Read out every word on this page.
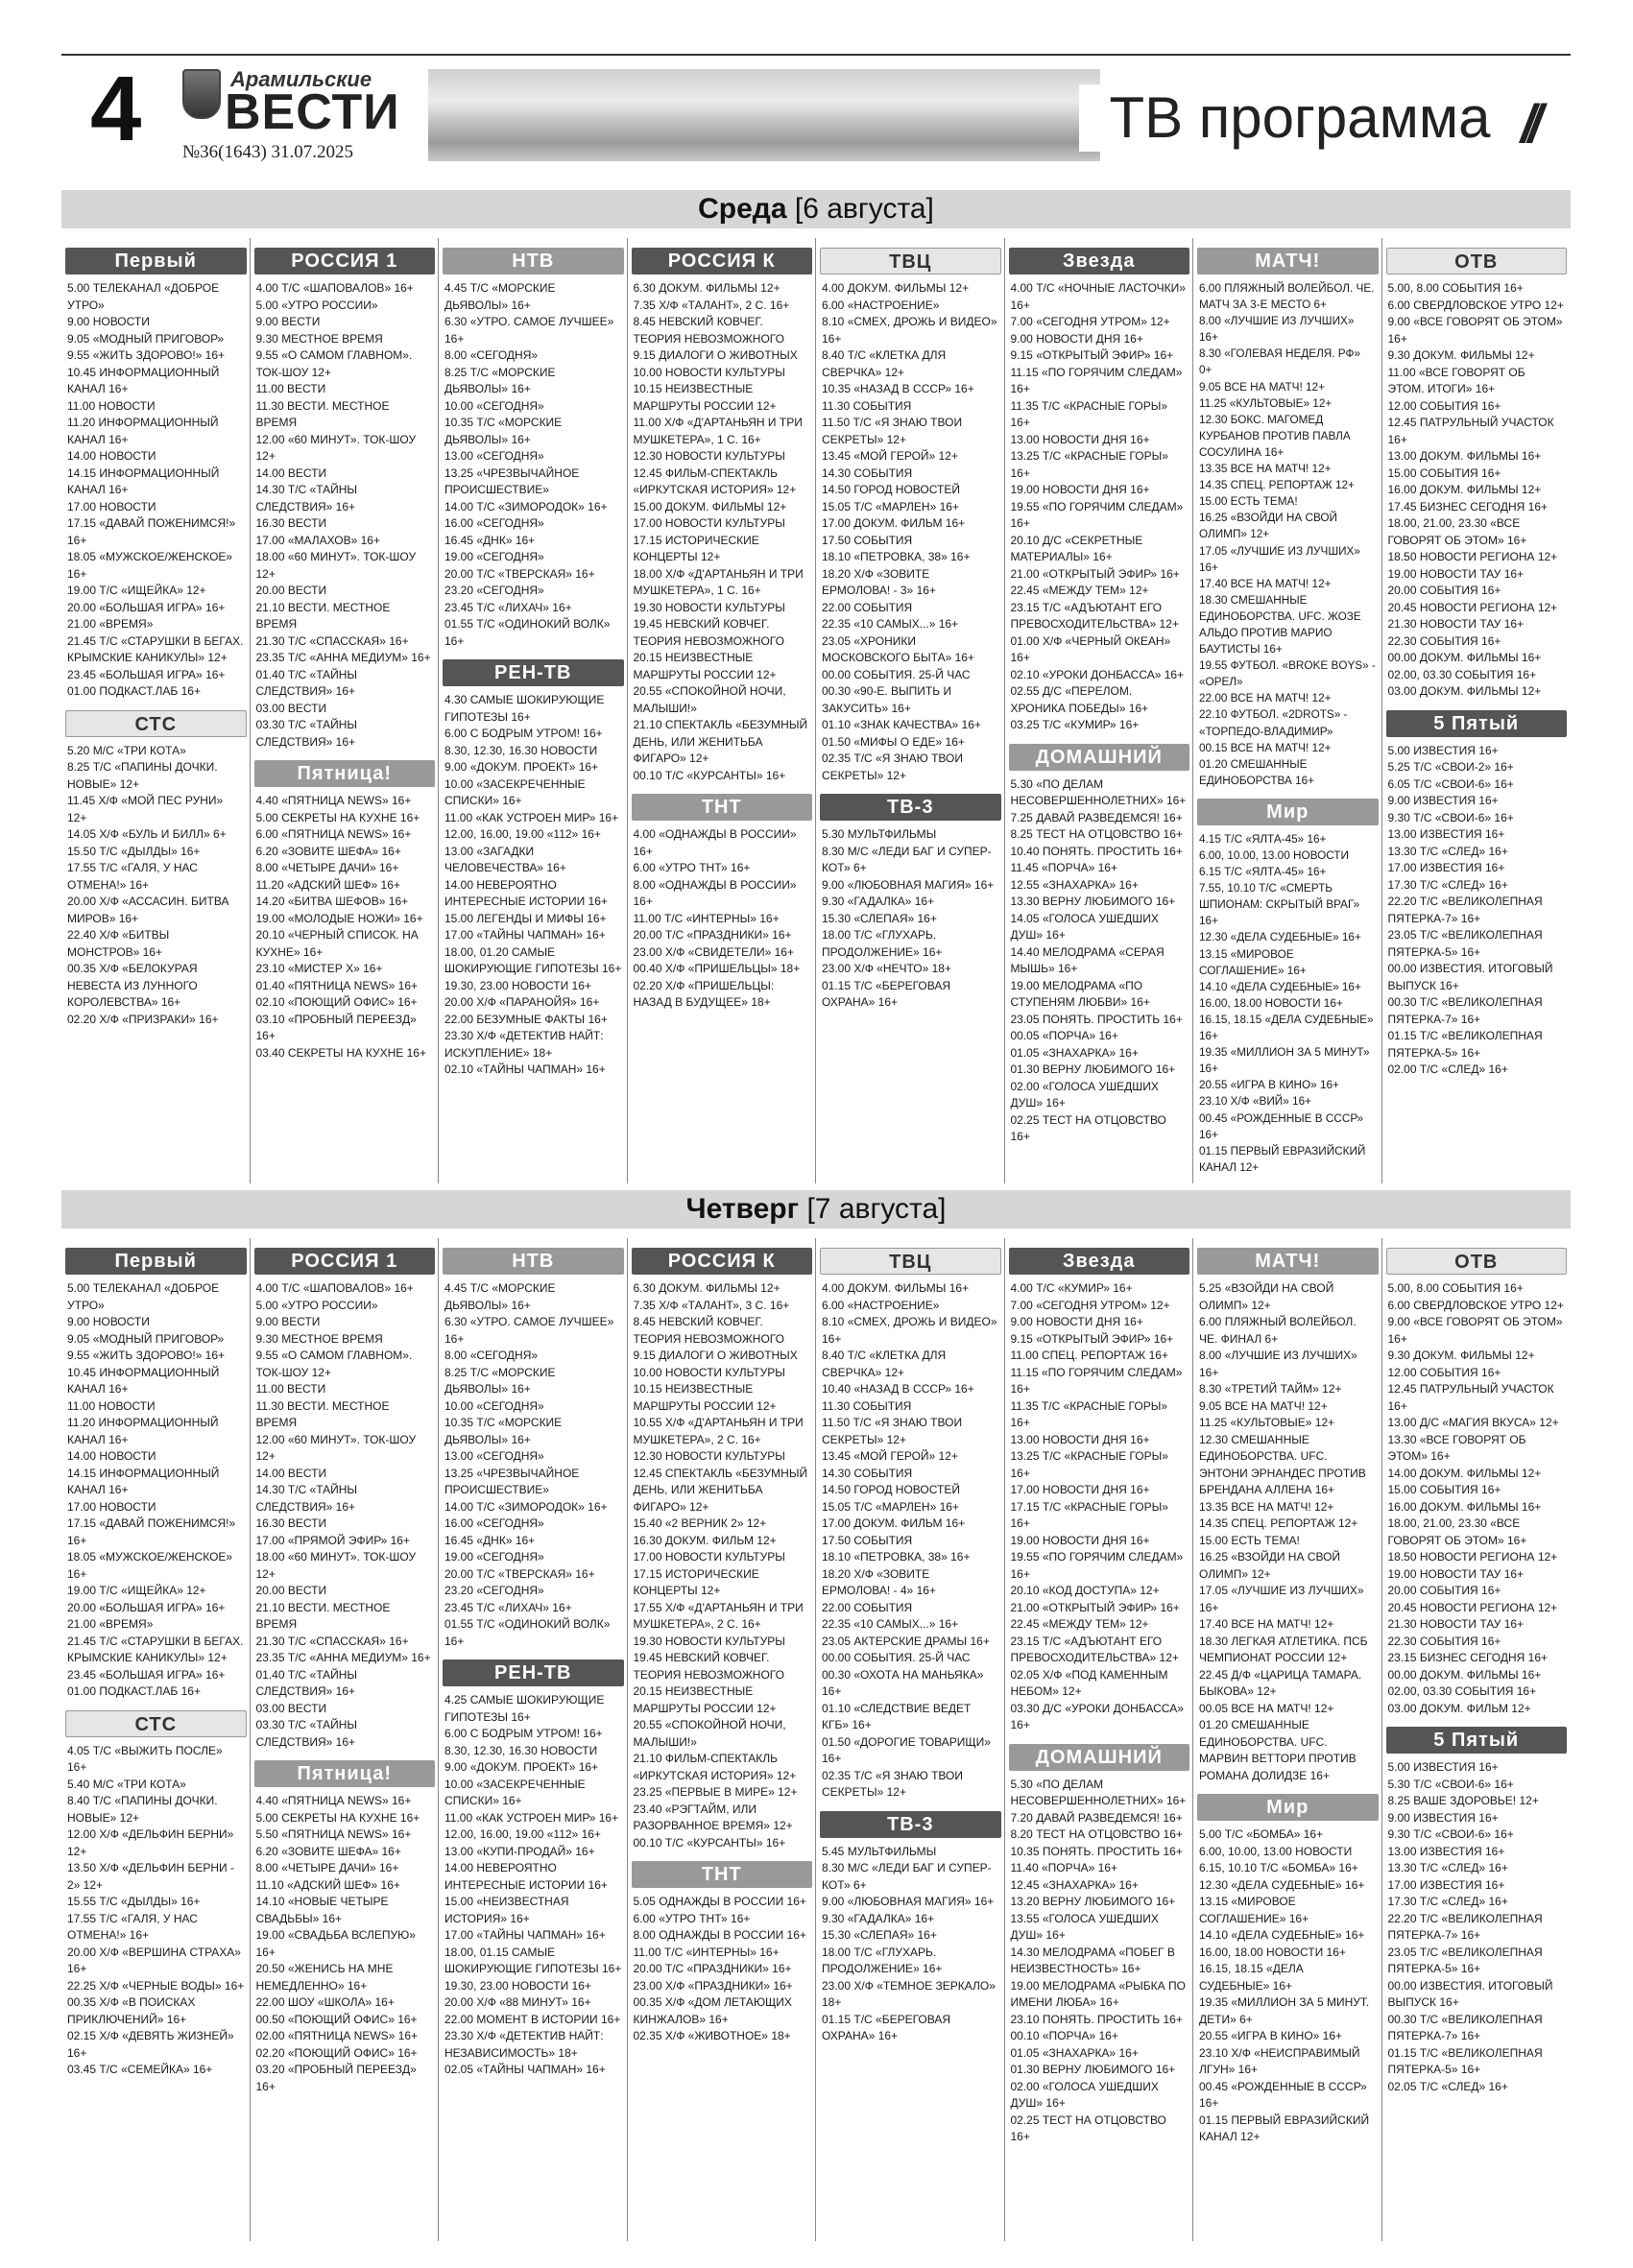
4	Арамильские
ВЕСТИ
№36(1643) 31.07.2025
ТВ программа //
Среда [6 августа]
Первый
5.00 ТЕЛЕКАНАЛ «ДОБРОЕ УТРО»
9.00 НОВОСТИ
9.05 «МОДНЫЙ ПРИГОВОР»
9.55 «ЖИТЬ ЗДОРОВО!» 16+
10.45 ИНФОРМАЦИОННЫЙ КАНАЛ 16+
11.00 НОВОСТИ
11.20 ИНФОРМАЦИОННЫЙ КАНАЛ 16+
14.00 НОВОСТИ
14.15 ИНФОРМАЦИОННЫЙ КАНАЛ 16+
17.00 НОВОСТИ
17.15 «ДАВАЙ ПОЖЕНИМСЯ!» 16+
18.05 «МУЖСКОЕ/ЖЕНСКОЕ» 16+
19.00 Т/С «ИЩЕЙКА» 12+
20.00 «БОЛЬШАЯ ИГРА» 16+
21.00 «ВРЕМЯ»
21.45 Т/С «СТАРУШКИ В БЕГАХ. КРЫМСКИЕ КАНИКУЛЫ» 12+
23.45 «БОЛЬШАЯ ИГРА» 16+
01.00 ПОДКАСТ.ЛАБ 16+
СТС
5.20 М/С «ТРИ КОТА»
8.25 Т/С «ПАПИНЫ ДОЧКИ. НОВЫЕ» 12+
11.45 Х/Ф «МОЙ ПЕС РУНИ» 12+
14.05 Х/Ф «БУЛЬ И БИЛЛ» 6+
15.50 Т/С «ДЫЛДЫ» 16+
17.55 Т/С «ГАЛЯ, У НАС ОТМЕНА!» 16+
20.00 Х/Ф «АССАСИН. БИТВА МИРОВ» 16+
22.40 Х/Ф «БИТВЫ МОНСТРОВ» 16+
00.35 Х/Ф «БЕЛОКУРАЯ НЕВЕСТА ИЗ ЛУННОГО КОРОЛЕВСТВА» 16+
02.20 Х/Ф «ПРИЗРАКИ» 16+
РОССИЯ 1
4.00 Т/С «ШАПОВАЛОВ» 16+
5.00 «УТРО РОССИИ»
9.00 ВЕСТИ
9.30 МЕСТНОЕ ВРЕМЯ
9.55 «О САМОМ ГЛАВНОМ». ТОК-ШОУ 12+
11.00 ВЕСТИ
11.30 ВЕСТИ. МЕСТНОЕ ВРЕМЯ
12.00 «60 МИНУТ». ТОК-ШОУ 12+
14.00 ВЕСТИ
14.30 Т/С «ТАЙНЫ СЛЕДСТВИЯ» 16+
16.30 ВЕСТИ
17.00 «МАЛАХОВ» 16+
18.00 «60 МИНУТ». ТОК-ШОУ 12+
20.00 ВЕСТИ
21.10 ВЕСТИ. МЕСТНОЕ ВРЕМЯ
21.30 Т/С «СПАССКАЯ» 16+
23.35 Т/С «АННА МЕДИУМ» 16+
01.40 Т/С «ТАЙНЫ СЛЕДСТВИЯ» 16+
03.00 ВЕСТИ
03.30 Т/С «ТАЙНЫ СЛЕДСТВИЯ» 16+
Пятница!
4.40 «ПЯТНИЦА NEWS» 16+
5.00 СЕКРЕТЫ НА КУХНЕ 16+
6.00 «ПЯТНИЦА NEWS» 16+
6.20 «ЗОВИТЕ ШЕФА» 16+
8.00 «ЧЕТЫРЕ ДАЧИ» 16+
11.20 «АДСКИЙ ШЕФ» 16+
14.20 «БИТВА ШЕФОВ» 16+
19.00 «МОЛОДЫЕ НОЖИ» 16+
20.10 «ЧЕРНЫЙ СПИСОК. НА КУХНЕ» 16+
23.10 «МИСТЕР Х» 16+
01.40 «ПЯТНИЦА NEWS» 16+
02.10 «ПОЮЩИЙ ОФИС» 16+
03.10 «ПРОБНЫЙ ПЕРЕЕЗД» 16+
03.40 СЕКРЕТЫ НА КУХНЕ 16+
НТВ
4.45 Т/С «МОРСКИЕ ДЬЯВОЛЫ» 16+
6.30 «УТРО. САМОЕ ЛУЧШЕЕ» 16+
8.00 «СЕГОДНЯ»
8.25 Т/С «МОРСКИЕ ДЬЯВОЛЫ» 16+
10.00 «СЕГОДНЯ»
10.35 Т/С «МОРСКИЕ ДЬЯВОЛЫ» 16+
13.00 «СЕГОДНЯ»
13.25 «ЧРЕЗВЫЧАЙНОЕ ПРОИСШЕСТВИЕ»
14.00 Т/С «ЗИМОРОДОК» 16+
16.00 «СЕГОДНЯ»
16.45 «ДНК» 16+
19.00 «СЕГОДНЯ»
20.00 Т/С «ТВЕРСКАЯ» 16+
23.20 «СЕГОДНЯ»
23.45 Т/С «ЛИХАЧ» 16+
01.55 Т/С «ОДИНОКИЙ ВОЛК» 16+
РЕН-ТВ
4.30 САМЫЕ ШОКИРУЮЩИЕ ГИПОТЕЗЫ 16+
6.00 С БОДРЫМ УТРОМ! 16+
8.30, 12.30, 16.30 НОВОСТИ
9.00 «ДОКУМ. ПРОЕКТ» 16+
10.00 «ЗАСЕКРЕЧЕННЫЕ СПИСКИ» 16+
11.00 «КАК УСТРОЕН МИР» 16+
12.00, 16.00, 19.00 «112» 16+
13.00 «ЗАГАДКИ ЧЕЛОВЕЧЕСТВА» 16+
14.00 НЕВЕРОЯТНО ИНТЕРЕСНЫЕ ИСТОРИИ 16+
15.00 ЛЕГЕНДЫ И МИФЫ 16+
17.00 «ТАЙНЫ ЧАПМАН» 16+
18.00, 01.20 САМЫЕ ШОКИРУЮЩИЕ ГИПОТЕЗЫ 16+
19.30, 23.00 НОВОСТИ 16+
20.00 Х/Ф «ПАРАНОЙЯ» 16+
22.00 БЕЗУМНЫЕ ФАКТЫ 16+
23.30 Х/Ф «ДЕТЕКТИВ НАЙТ: ИСКУПЛЕНИЕ» 18+
02.10 «ТАЙНЫ ЧАПМАН» 16+
РОССИЯ К
6.30 ДОКУМ. ФИЛЬМЫ 12+
7.35 Х/Ф «ТАЛАНТ», 2 С. 16+
8.45 НЕВСКИЙ КОВЧЕГ. ТЕОРИЯ НЕВОЗМОЖНОГО
9.15 ДИАЛОГИ О ЖИВОТНЫХ
10.00 НОВОСТИ КУЛЬТУРЫ
10.15 НЕИЗВЕСТНЫЕ МАРШРУТЫ РОССИИ 12+
11.00 Х/Ф «Д'АРТАНЬЯН И ТРИ МУШКЕТЕРА», 1 С. 16+
12.30 НОВОСТИ КУЛЬТУРЫ
12.45 ФИЛЬМ-СПЕКТАКЛЬ «ИРКУТСКАЯ ИСТОРИЯ» 12+
15.00 ДОКУМ. ФИЛЬМЫ 12+
17.00 НОВОСТИ КУЛЬТУРЫ
17.15 ИСТОРИЧЕСКИЕ КОНЦЕРТЫ 12+
18.00 Х/Ф «Д'АРТАНЬЯН И ТРИ МУШКЕТЕРА», 1 С. 16+
19.30 НОВОСТИ КУЛЬТУРЫ
19.45 НЕВСКИЙ КОВЧЕГ. ТЕОРИЯ НЕВОЗМОЖНОГО
20.15 НЕИЗВЕСТНЫЕ МАРШРУТЫ РОССИИ 12+
20.55 «СПОКОЙНОЙ НОЧИ, МАЛЫШИ!»
21.10 СПЕКТАКЛЬ «БЕЗУМНЫЙ ДЕНЬ, ИЛИ ЖЕНИТЬБА ФИГАРО» 12+
00.10 Т/С «КУРСАНТЫ» 16+
ТНТ
4.00 «ОДНАЖДЫ В РОССИИ» 16+
6.00 «УТРО ТНТ» 16+
8.00 «ОДНАЖДЫ В РОССИИ» 16+
11.00 Т/С «ИНТЕРНЫ» 16+
20.00 Т/С «ПРАЗДНИКИ» 16+
23.00 Х/Ф «СВИДЕТЕЛИ» 16+
00.40 Х/Ф «ПРИШЕЛЬЦЫ» 18+
02.20 Х/Ф «ПРИШЕЛЬЦЫ: НАЗАД В БУДУЩЕЕ» 18+
ТВЦ
4.00 ДОКУМ. ФИЛЬМЫ 12+
6.00 «НАСТРОЕНИЕ»
8.10 «СМЕХ, ДРОЖЬ И ВИДЕО» 16+
8.40 Т/С «КЛЕТКА ДЛЯ СВЕРЧКА» 12+
10.35 «НАЗАД В СССР» 16+
11.30 СОБЫТИЯ
11.50 Т/С «Я ЗНАЮ ТВОИ СЕКРЕТЫ» 12+
13.45 «МОЙ ГЕРОЙ» 12+
14.30 СОБЫТИЯ
14.50 ГОРОД НОВОСТЕЙ
15.05 Т/С «МАРЛЕН» 16+
17.00 ДОКУМ. ФИЛЬМ 16+
17.50 СОБЫТИЯ
18.10 «ПЕТРОВКА, 38» 16+
18.20 Х/Ф «ЗОВИТЕ ЕРМОЛОВА! - 3» 16+
22.00 СОБЫТИЯ
22.35 «10 САМЫХ...» 16+
23.05 «ХРОНИКИ МОСКОВСКОГО БЫТА» 16+
00.00 СОБЫТИЯ. 25-Й ЧАС
00.30 «90-Е. ВЫПИТЬ И ЗАКУСИТЬ» 16+
01.10 «ЗНАК КАЧЕСТВА» 16+
01.50 «МИФЫ О ЕДЕ» 16+
02.35 Т/С «Я ЗНАЮ ТВОИ СЕКРЕТЫ» 12+
ТВ-3
5.30 МУЛЬТФИЛЬМЫ
8.30 М/С «ЛЕДИ БАГ И СУПЕР-КОТ» 6+
9.00 «ЛЮБОВНАЯ МАГИЯ» 16+
9.30 «ГАДАЛКА» 16+
15.30 «СЛЕПАЯ» 16+
18.00 Т/С «ГЛУХАРЬ. ПРОДОЛЖЕНИЕ» 16+
23.00 Х/Ф «НЕЧТО» 18+
01.15 Т/С «БЕРЕГОВАЯ ОХРАНА» 16+
Звезда
4.00 Т/С «НОЧНЫЕ ЛАСТОЧКИ» 16+
7.00 «СЕГОДНЯ УТРОМ» 12+
9.00 НОВОСТИ ДНЯ 16+
9.15 «ОТКРЫТЫЙ ЭФИР» 16+
11.15 «ПО ГОРЯЧИМ СЛЕДАМ» 16+
11.35 Т/С «КРАСНЫЕ ГОРЫ» 16+
13.00 НОВОСТИ ДНЯ 16+
13.25 Т/С «КРАСНЫЕ ГОРЫ» 16+
19.00 НОВОСТИ ДНЯ 16+
19.55 «ПО ГОРЯЧИМ СЛЕДАМ» 16+
20.10 Д/С «СЕКРЕТНЫЕ МАТЕРИАЛЫ» 16+
21.00 «ОТКРЫТЫЙ ЭФИР» 16+
22.45 «МЕЖДУ ТЕМ» 12+
23.15 Т/С «АДЪЮТАНТ ЕГО ПРЕВОСХОДИТЕЛЬСТВА» 12+
01.00 Х/Ф «ЧЕРНЫЙ ОКЕАН» 16+
02.10 «УРОКИ ДОНБАССА» 16+
02.55 Д/С «ПЕРЕЛОМ. ХРОНИКА ПОБЕДЫ» 16+
03.25 Т/С «КУМИР» 16+
ДОМАШНИЙ
5.30 «ПО ДЕЛАМ НЕСОВЕРШЕННОЛЕТНИХ» 16+
7.25 ДАВАЙ РАЗВЕДЕМСЯ! 16+
8.25 ТЕСТ НА ОТЦОВСТВО 16+
10.40 ПОНЯТЬ. ПРОСТИТЬ 16+
11.45 «ПОРЧА» 16+
12.55 «ЗНАХАРКА» 16+
13.30 ВЕРНУ ЛЮБИМОГО 16+
14.05 «ГОЛОСА УШЕДШИХ ДУШ» 16+
14.40 МЕЛОДРАМА «СЕРАЯ МЫШЬ» 16+
19.00 МЕЛОДРАМА «ПО СТУПЕНЯМ ЛЮБВИ» 16+
23.05 ПОНЯТЬ. ПРОСТИТЬ 16+
00.05 «ПОРЧА» 16+
01.05 «ЗНАХАРКА» 16+
01.30 ВЕРНУ ЛЮБИМОГО 16+
02.00 «ГОЛОСА УШЕДШИХ ДУШ» 16+
02.25 ТЕСТ НА ОТЦОВСТВО 16+
МАТЧ!
6.00 ПЛЯЖНЫЙ ВОЛЕЙБОЛ. ЧЕ. МАТЧ ЗА 3-Е МЕСТО 6+
8.00 «ЛУЧШИЕ ИЗ ЛУЧШИХ» 16+
8.30 «ГОЛЕВАЯ НЕДЕЛЯ. РФ» 0+
9.05 ВСЕ НА МАТЧ! 12+
11.25 «КУЛЬТОВЫЕ» 12+
12.30 БОКС. МАГОМЕД КУРБАНОВ ПРОТИВ ПАВЛА СОСУЛИНА 16+
13.35 ВСЕ НА МАТЧ! 12+
14.35 СПЕЦ. РЕПОРТАЖ 12+
15.00 ЕСТЬ ТЕМА!
16.25 «ВЗОЙДИ НА СВОЙ ОЛИМП» 12+
17.05 «ЛУЧШИЕ ИЗ ЛУЧШИХ» 16+
17.40 ВСЕ НА МАТЧ! 12+
18.30 СМЕШАННЫЕ ЕДИНОБОРСТВА. UFC. ЖОЗЕ АЛЬДО ПРОТИВ МАРИО БАУТИСТЫ 16+
19.55 ФУТБОЛ. «BROKE BOYS» - «ОРЕЛ»
22.00 ВСЕ НА МАТЧ! 12+
22.10 ФУТБОЛ. «2DROTS» - «ТОРПЕДО-ВЛАДИМИР»
00.15 ВСЕ НА МАТЧ! 12+
01.20 СМЕШАННЫЕ ЕДИНОБОРСТВА 16+
Мир
4.15 Т/С «ЯЛТА-45» 16+
6.00, 10.00, 13.00 НОВОСТИ
6.15 Т/С «ЯЛТА-45» 16+
7.55, 10.10 Т/С «СМЕРТЬ ШПИОНАМ: СКРЫТЫЙ ВРАГ» 16+
12.30 «ДЕЛА СУДЕБНЫЕ» 16+
13.15 «МИРОВОЕ СОГЛАШЕНИЕ» 16+
14.10 «ДЕЛА СУДЕБНЫЕ» 16+
16.00, 18.00 НОВОСТИ 16+
16.15, 18.15 «ДЕЛА СУДЕБНЫЕ» 16+
19.35 «МИЛЛИОН ЗА 5 МИНУТ» 16+
20.55 «ИГРА В КИНО» 16+
23.10 Х/Ф «ВИЙ» 16+
00.45 «РОЖДЕННЫЕ В СССР» 16+
01.15 ПЕРВЫЙ ЕВРАЗИЙСКИЙ КАНАЛ 12+
ОТВ
5.00, 8.00 СОБЫТИЯ 16+
6.00 СВЕРДЛОВСКОЕ УТРО 12+
9.00 «ВСЕ ГОВОРЯТ ОБ ЭТОМ» 16+
9.30 ДОКУМ. ФИЛЬМЫ 12+
11.00 «ВСЕ ГОВОРЯТ ОБ ЭТОМ. ИТОГИ» 16+
12.00 СОБЫТИЯ 16+
12.45 ПАТРУЛЬНЫЙ УЧАСТОК 16+
13.00 ДОКУМ. ФИЛЬМЫ 16+
15.00 СОБЫТИЯ 16+
16.00 ДОКУМ. ФИЛЬМЫ 12+
17.45 БИЗНЕС СЕГОДНЯ 16+
18.00, 21.00, 23.30 «ВСЕ ГОВОРЯТ ОБ ЭТОМ» 16+
18.50 НОВОСТИ РЕГИОНА 12+
19.00 НОВОСТИ ТАУ 16+
20.00 СОБЫТИЯ 16+
20.45 НОВОСТИ РЕГИОНА 12+
21.30 НОВОСТИ ТАУ 16+
22.30 СОБЫТИЯ 16+
00.00 ДОКУМ. ФИЛЬМЫ 16+
02.00, 03.30 СОБЫТИЯ 16+
03.00 ДОКУМ. ФИЛЬМЫ 12+
5 Пятый
5.00 ИЗВЕСТИЯ 16+
5.25 Т/С «СВОИ-2» 16+
6.05 Т/С «СВОИ-6» 16+
9.00 ИЗВЕСТИЯ 16+
9.30 Т/С «СВОИ-6» 16+
13.00 ИЗВЕСТИЯ 16+
13.30 Т/С «СЛЕД» 16+
17.00 ИЗВЕСТИЯ 16+
17.30 Т/С «СЛЕД» 16+
22.20 Т/С «ВЕЛИКОЛЕПНАЯ ПЯТЕРКА-7» 16+
23.05 Т/С «ВЕЛИКОЛЕПНАЯ ПЯТЕРКА-5» 16+
00.00 ИЗВЕСТИЯ. ИТОГОВЫЙ ВЫПУСК 16+
00.30 Т/С «ВЕЛИКОЛЕПНАЯ ПЯТЕРКА-7» 16+
01.15 Т/С «ВЕЛИКОЛЕПНАЯ ПЯТЕРКА-5» 16+
02.00 Т/С «СЛЕД» 16+
Четверг [7 августа]
Первый
5.00 ТЕЛЕКАНАЛ «ДОБРОЕ УТРО»
9.00 НОВОСТИ
9.05 «МОДНЫЙ ПРИГОВОР»
9.55 «ЖИТЬ ЗДОРОВО!» 16+
10.45 ИНФОРМАЦИОННЫЙ КАНАЛ 16+
11.00 НОВОСТИ
11.20 ИНФОРМАЦИОННЫЙ КАНАЛ 16+
14.00 НОВОСТИ
14.15 ИНФОРМАЦИОННЫЙ КАНАЛ 16+
17.00 НОВОСТИ
17.15 «ДАВАЙ ПОЖЕНИМСЯ!» 16+
18.05 «МУЖСКОЕ/ЖЕНСКОЕ» 16+
19.00 Т/С «ИЩЕЙКА» 12+
20.00 «БОЛЬШАЯ ИГРА» 16+
21.00 «ВРЕМЯ»
21.45 Т/С «СТАРУШКИ В БЕГАХ. КРЫМСКИЕ КАНИКУЛЫ» 12+
23.45 «БОЛЬШАЯ ИГРА» 16+
01.00 ПОДКАСТ.ЛАБ 16+
СТС
4.05 Т/С «ВЫЖИТЬ ПОСЛЕ» 16+
5.40 М/С «ТРИ КОТА»
8.40 Т/С «ПАПИНЫ ДОЧКИ. НОВЫЕ» 12+
12.00 Х/Ф «ДЕЛЬФИН БЕРНИ» 12+
13.50 Х/Ф «ДЕЛЬФИН БЕРНИ - 2» 12+
15.55 Т/С «ДЫЛДЫ» 16+
17.55 Т/С «ГАЛЯ, У НАС ОТМЕНА!» 16+
20.00 Х/Ф «ВЕРШИНА СТРАХА» 16+
22.25 Х/Ф «ЧЕРНЫЕ ВОДЫ» 16+
00.35 Х/Ф «В ПОИСКАХ ПРИКЛЮЧЕНИЙ» 16+
02.15 Х/Ф «ДЕВЯТЬ ЖИЗНЕЙ» 16+
03.45 Т/С «СЕМЕЙКА» 16+
РОССИЯ 1
4.00 Т/С «ШАПОВАЛОВ» 16+
5.00 «УТРО РОССИИ»
9.00 ВЕСТИ
9.30 МЕСТНОЕ ВРЕМЯ
9.55 «О САМОМ ГЛАВНОМ». ТОК-ШОУ 12+
11.00 ВЕСТИ
11.30 ВЕСТИ. МЕСТНОЕ ВРЕМЯ
12.00 «60 МИНУТ». ТОК-ШОУ 12+
14.00 ВЕСТИ
14.30 Т/С «ТАЙНЫ СЛЕДСТВИЯ» 16+
16.30 ВЕСТИ
17.00 «ПРЯМОЙ ЭФИР» 16+
18.00 «60 МИНУТ». ТОК-ШОУ 12+
20.00 ВЕСТИ
21.10 ВЕСТИ. МЕСТНОЕ ВРЕМЯ
21.30 Т/С «СПАССКАЯ» 16+
23.35 Т/С «АННА МЕДИУМ» 16+
01.40 Т/С «ТАЙНЫ СЛЕДСТВИЯ» 16+
03.00 ВЕСТИ
03.30 Т/С «ТАЙНЫ СЛЕДСТВИЯ» 16+
Пятница!
4.40 «ПЯТНИЦА NEWS» 16+
5.00 СЕКРЕТЫ НА КУХНЕ 16+
5.50 «ПЯТНИЦА NEWS» 16+
6.20 «ЗОВИТЕ ШЕФА» 16+
8.00 «ЧЕТЫРЕ ДАЧИ» 16+
11.10 «АДСКИЙ ШЕФ» 16+
14.10 «НОВЫЕ ЧЕТЫРЕ СВАДЬБЫ» 16+
19.00 «СВАДЬБА ВСЛЕПУЮ» 16+
20.50 «ЖЕНИСЬ НА МНЕ НЕМЕДЛЕННО» 16+
22.00 ШОУ «ШКОЛА» 16+
00.50 «ПОЮЩИЙ ОФИС» 16+
02.00 «ПЯТНИЦА NEWS» 16+
02.20 «ПОЮЩИЙ ОФИС» 16+
03.20 «ПРОБНЫЙ ПЕРЕЕЗД» 16+
НТВ
4.45 Т/С «МОРСКИЕ ДЬЯВОЛЫ» 16+
6.30 «УТРО. САМОЕ ЛУЧШЕЕ» 16+
8.00 «СЕГОДНЯ»
8.25 Т/С «МОРСКИЕ ДЬЯВОЛЫ» 16+
10.00 «СЕГОДНЯ»
10.35 Т/С «МОРСКИЕ ДЬЯВОЛЫ» 16+
13.00 «СЕГОДНЯ»
13.25 «ЧРЕЗВЫЧАЙНОЕ ПРОИСШЕСТВИЕ»
14.00 Т/С «ЗИМОРОДОК» 16+
16.00 «СЕГОДНЯ»
16.45 «ДНК» 16+
19.00 «СЕГОДНЯ»
20.00 Т/С «ТВЕРСКАЯ» 16+
23.20 «СЕГОДНЯ»
23.45 Т/С «ЛИХАЧ» 16+
01.55 Т/С «ОДИНОКИЙ ВОЛК» 16+
РЕН-ТВ
4.25 САМЫЕ ШОКИРУЮЩИЕ ГИПОТЕЗЫ 16+
6.00 С БОДРЫМ УТРОМ! 16+
8.30, 12.30, 16.30 НОВОСТИ
9.00 «ДОКУМ. ПРОЕКТ» 16+
10.00 «ЗАСЕКРЕЧЕННЫЕ СПИСКИ» 16+
11.00 «КАК УСТРОЕН МИР» 16+
12.00, 16.00, 19.00 «112» 16+
13.00 «КУПИ-ПРОДАЙ» 16+
14.00 НЕВЕРОЯТНО ИНТЕРЕСНЫЕ ИСТОРИИ 16+
15.00 «НЕИЗВЕСТНАЯ ИСТОРИЯ» 16+
17.00 «ТАЙНЫ ЧАПМАН» 16+
18.00, 01.15 САМЫЕ ШОКИРУЮЩИЕ ГИПОТЕЗЫ 16+
19.30, 23.00 НОВОСТИ 16+
20.00 Х/Ф «88 МИНУТ» 16+
22.00 МОМЕНТ В ИСТОРИИ 16+
23.30 Х/Ф «ДЕТЕКТИВ НАЙТ: НЕЗАВИСИМОСТЬ» 18+
02.05 «ТАЙНЫ ЧАПМАН» 16+
РОССИЯ К
6.30 ДОКУМ. ФИЛЬМЫ 12+
7.35 Х/Ф «ТАЛАНТ», 3 С. 16+
8.45 НЕВСКИЙ КОВЧЕГ. ТЕОРИЯ НЕВОЗМОЖНОГО
9.15 ДИАЛОГИ О ЖИВОТНЫХ
10.00 НОВОСТИ КУЛЬТУРЫ
10.15 НЕИЗВЕСТНЫЕ МАРШРУТЫ РОССИИ 12+
10.55 Х/Ф «Д'АРТАНЬЯН И ТРИ МУШКЕТЕРА», 2 С. 16+
12.30 НОВОСТИ КУЛЬТУРЫ
12.45 СПЕКТАКЛЬ «БЕЗУМНЫЙ ДЕНЬ, ИЛИ ЖЕНИТЬБА ФИГАРО» 12+
15.40 «2 ВЕРНИК 2» 12+
16.30 ДОКУМ. ФИЛЬМ 12+
17.00 НОВОСТИ КУЛЬТУРЫ
17.15 ИСТОРИЧЕСКИЕ КОНЦЕРТЫ 12+
17.55 Х/Ф «Д'АРТАНЬЯН И ТРИ МУШКЕТЕРА», 2 С. 16+
19.30 НОВОСТИ КУЛЬТУРЫ
19.45 НЕВСКИЙ КОВЧЕГ. ТЕОРИЯ НЕВОЗМОЖНОГО
20.15 НЕИЗВЕСТНЫЕ МАРШРУТЫ РОССИИ 12+
20.55 «СПОКОЙНОЙ НОЧИ, МАЛЫШИ!»
21.10 ФИЛЬМ-СПЕКТАКЛЬ «ИРКУТСКАЯ ИСТОРИЯ» 12+
23.25 «ПЕРВЫЕ В МИРЕ» 12+
23.40 «РЭГТАЙМ, ИЛИ РАЗОРВАННОЕ ВРЕМЯ» 12+
00.10 Т/С «КУРСАНТЫ» 16+
ТНТ
5.05 ОДНАЖДЫ В РОССИИ 16+
6.00 «УТРО ТНТ» 16+
8.00 ОДНАЖДЫ В РОССИИ 16+
11.00 Т/С «ИНТЕРНЫ» 16+
20.00 Т/С «ПРАЗДНИКИ» 16+
23.00 Х/Ф «ПРАЗДНИКИ» 16+
00.35 Х/Ф «ДОМ ЛЕТАЮЩИХ КИНЖАЛОВ» 16+
02.35 Х/Ф «ЖИВОТНОЕ» 18+
ТВЦ
4.00 ДОКУМ. ФИЛЬМЫ 16+
6.00 «НАСТРОЕНИЕ»
8.10 «СМЕХ, ДРОЖЬ И ВИДЕО» 16+
8.40 Т/С «КЛЕТКА ДЛЯ СВЕРЧКА» 12+
10.40 «НАЗАД В СССР» 16+
11.30 СОБЫТИЯ
11.50 Т/С «Я ЗНАЮ ТВОИ СЕКРЕТЫ» 12+
13.45 «МОЙ ГЕРОЙ» 12+
14.30 СОБЫТИЯ
14.50 ГОРОД НОВОСТЕЙ
15.05 Т/С «МАРЛЕН» 16+
17.00 ДОКУМ. ФИЛЬМ 16+
17.50 СОБЫТИЯ
18.10 «ПЕТРОВКА, 38» 16+
18.20 Х/Ф «ЗОВИТЕ ЕРМОЛОВА! - 4» 16+
22.00 СОБЫТИЯ
22.35 «10 САМЫХ...» 16+
23.05 АКТЕРСКИЕ ДРАМЫ 16+
00.00 СОБЫТИЯ. 25-Й ЧАС
00.30 «ОХОТА НА МАНЬЯКА» 16+
01.10 «СЛЕДСТВИЕ ВЕДЕТ КГБ» 16+
01.50 «ДОРОГИЕ ТОВАРИЩИ» 16+
02.35 Т/С «Я ЗНАЮ ТВОИ СЕКРЕТЫ» 12+
ТВ-3
5.45 МУЛЬТФИЛЬМЫ
8.30 М/С «ЛЕДИ БАГ И СУПЕР-КОТ» 6+
9.00 «ЛЮБОВНАЯ МАГИЯ» 16+
9.30 «ГАДАЛКА» 16+
15.30 «СЛЕПАЯ» 16+
18.00 Т/С «ГЛУХАРЬ. ПРОДОЛЖЕНИЕ» 16+
23.00 Х/Ф «ТЕМНОЕ ЗЕРКАЛО» 18+
01.15 Т/С «БЕРЕГОВАЯ ОХРАНА» 16+
Звезда
4.00 Т/С «КУМИР» 16+
7.00 «СЕГОДНЯ УТРОМ» 12+
9.00 НОВОСТИ ДНЯ 16+
9.15 «ОТКРЫТЫЙ ЭФИР» 16+
11.00 СПЕЦ. РЕПОРТАЖ 16+
11.15 «ПО ГОРЯЧИМ СЛЕДАМ» 16+
11.35 Т/С «КРАСНЫЕ ГОРЫ» 16+
13.00 НОВОСТИ ДНЯ 16+
13.25 Т/С «КРАСНЫЕ ГОРЫ» 16+
17.00 НОВОСТИ ДНЯ 16+
17.15 Т/С «КРАСНЫЕ ГОРЫ» 16+
19.00 НОВОСТИ ДНЯ 16+
19.55 «ПО ГОРЯЧИМ СЛЕДАМ» 16+
20.10 «КОД ДОСТУПА» 12+
21.00 «ОТКРЫТЫЙ ЭФИР» 16+
22.45 «МЕЖДУ ТЕМ» 12+
23.15 Т/С «АДЪЮТАНТ ЕГО ПРЕВОСХОДИТЕЛЬСТВА» 12+
02.05 Х/Ф «ПОД КАМЕННЫМ НЕБОМ» 12+
03.30 Д/С «УРОКИ ДОНБАССА» 16+
ДОМАШНИЙ
5.30 «ПО ДЕЛАМ НЕСОВЕРШЕННОЛЕТНИХ» 16+
7.20 ДАВАЙ РАЗВЕДЕМСЯ! 16+
8.20 ТЕСТ НА ОТЦОВСТВО 16+
10.35 ПОНЯТЬ. ПРОСТИТЬ 16+
11.40 «ПОРЧА» 16+
12.45 «ЗНАХАРКА» 16+
13.20 ВЕРНУ ЛЮБИМОГО 16+
13.55 «ГОЛОСА УШЕДШИХ ДУШ» 16+
14.30 МЕЛОДРАМА «ПОБЕГ В НЕИЗВЕСТНОСТЬ» 16+
19.00 МЕЛОДРАМА «РЫБКА ПО ИМЕНИ ЛЮБА» 16+
23.10 ПОНЯТЬ. ПРОСТИТЬ 16+
00.10 «ПОРЧА» 16+
01.05 «ЗНАХАРКА» 16+
01.30 ВЕРНУ ЛЮБИМОГО 16+
02.00 «ГОЛОСА УШЕДШИХ ДУШ» 16+
02.25 ТЕСТ НА ОТЦОВСТВО 16+
МАТЧ!
5.25 «ВЗОЙДИ НА СВОЙ ОЛИМП» 12+
6.00 ПЛЯЖНЫЙ ВОЛЕЙБОЛ. ЧЕ. ФИНАЛ 6+
8.00 «ЛУЧШИЕ ИЗ ЛУЧШИХ» 16+
8.30 «ТРЕТИЙ ТАЙМ» 12+
9.05 ВСЕ НА МАТЧ! 12+
11.25 «КУЛЬТОВЫЕ» 12+
12.30 СМЕШАННЫЕ ЕДИНОБОРСТВА. UFC. ЭНТОНИ ЭРНАНДЕС ПРОТИВ БРЕНДАНА АЛЛЕНА 16+
13.35 ВСЕ НА МАТЧ! 12+
14.35 СПЕЦ. РЕПОРТАЖ 12+
15.00 ЕСТЬ ТЕМА!
16.25 «ВЗОЙДИ НА СВОЙ ОЛИМП» 12+
17.05 «ЛУЧШИЕ ИЗ ЛУЧШИХ» 16+
17.40 ВСЕ НА МАТЧ! 12+
18.30 ЛЕГКАЯ АТЛЕТИКА. ПСБ ЧЕМПИОНАТ РОССИИ 12+
22.45 Д/Ф «ЦАРИЦА ТАМАРА. БЫКОВА» 12+
00.05 ВСЕ НА МАТЧ! 12+
01.20 СМЕШАННЫЕ ЕДИНОБОРСТВА. UFC. МАРВИН ВЕТТОРИ ПРОТИВ РОМАНА ДОЛИДЗЕ 16+
Мир
5.00 Т/С «БОМБА» 16+
6.00, 10.00, 13.00 НОВОСТИ
6.15, 10.10 Т/С «БОМБА» 16+
12.30 «ДЕЛА СУДЕБНЫЕ» 16+
13.15 «МИРОВОЕ СОГЛАШЕНИЕ» 16+
14.10 «ДЕЛА СУДЕБНЫЕ» 16+
16.00, 18.00 НОВОСТИ 16+
16.15, 18.15 «ДЕЛА СУДЕБНЫЕ» 16+
19.35 «МИЛЛИОН ЗА 5 МИНУТ. ДЕТИ» 6+
20.55 «ИГРА В КИНО» 16+
23.10 Х/Ф «НЕИСПРАВИМЫЙ ЛГУН» 16+
00.45 «РОЖДЕННЫЕ В СССР» 16+
01.15 ПЕРВЫЙ ЕВРАЗИЙСКИЙ КАНАЛ 12+
ОТВ
5.00, 8.00 СОБЫТИЯ 16+
6.00 СВЕРДЛОВСКОЕ УТРО 12+
9.00 «ВСЕ ГОВОРЯТ ОБ ЭТОМ» 16+
9.30 ДОКУМ. ФИЛЬМЫ 12+
12.00 СОБЫТИЯ 16+
12.45 ПАТРУЛЬНЫЙ УЧАСТОК 16+
13.00 Д/С «МАГИЯ ВКУСА» 12+
13.30 «ВСЕ ГОВОРЯТ ОБ ЭТОМ» 16+
14.00 ДОКУМ. ФИЛЬМЫ 12+
15.00 СОБЫТИЯ 16+
16.00 ДОКУМ. ФИЛЬМЫ 16+
18.00, 21.00, 23.30 «ВСЕ ГОВОРЯТ ОБ ЭТОМ» 16+
18.50 НОВОСТИ РЕГИОНА 12+
19.00 НОВОСТИ ТАУ 16+
20.00 СОБЫТИЯ 16+
20.45 НОВОСТИ РЕГИОНА 12+
21.30 НОВОСТИ ТАУ 16+
22.30 СОБЫТИЯ 16+
23.15 БИЗНЕС СЕГОДНЯ 16+
00.00 ДОКУМ. ФИЛЬМЫ 16+
02.00, 03.30 СОБЫТИЯ 16+
03.00 ДОКУМ. ФИЛЬМ 12+
5 Пятый
5.00 ИЗВЕСТИЯ 16+
5.30 Т/С «СВОИ-6» 16+
8.25 ВАШЕ ЗДОРОВЬЕ! 12+
9.00 ИЗВЕСТИЯ 16+
9.30 Т/С «СВОИ-6» 16+
13.00 ИЗВЕСТИЯ 16+
13.30 Т/С «СЛЕД» 16+
17.00 ИЗВЕСТИЯ 16+
17.30 Т/С «СЛЕД» 16+
22.20 Т/С «ВЕЛИКОЛЕПНАЯ ПЯТЕРКА-7» 16+
23.05 Т/С «ВЕЛИКОЛЕПНАЯ ПЯТЕРКА-5» 16+
00.00 ИЗВЕСТИЯ. ИТОГОВЫЙ ВЫПУСК 16+
00.30 Т/С «ВЕЛИКОЛЕПНАЯ ПЯТЕРКА-7» 16+
01.15 Т/С «ВЕЛИКОЛЕПНАЯ ПЯТЕРКА-5» 16+
02.05 Т/С «СЛЕД» 16+
